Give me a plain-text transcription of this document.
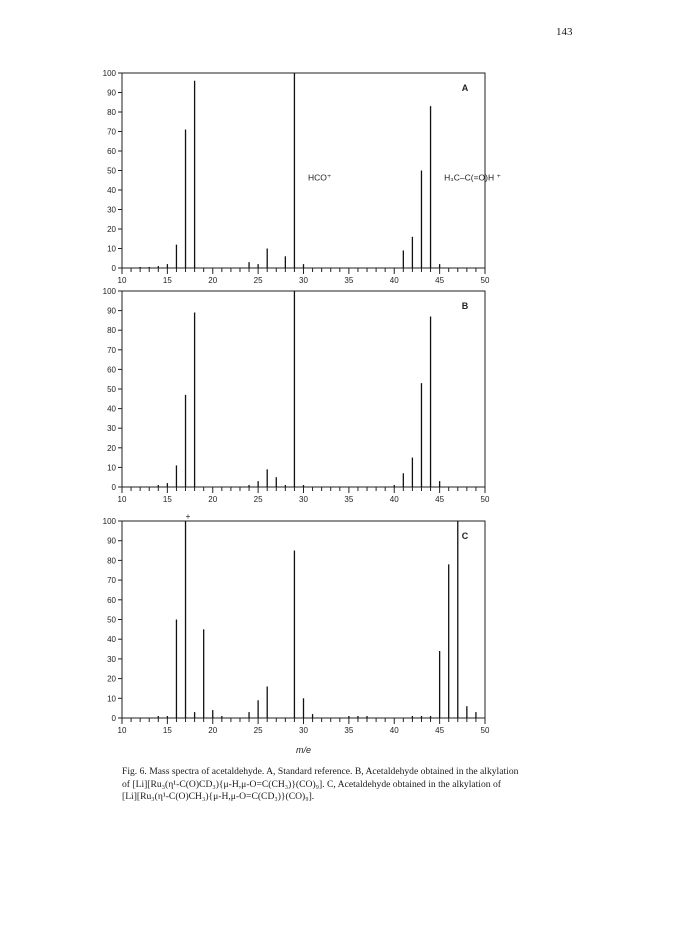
143
0
10
20
30
40
50
60
70
80
90
100
10	15	20	25	30	35	40	45	50
A
HCO⁺	H₃C–C(=O)H ⁺
0
10
20
30
40
50
60
70
80
90
100
10	15	20	25	30	35	40	45	50
B
0
10
20
30
40
50
60
70
80
90
100
10	15	20	25	30	35	40	45	50
C
+
m/e
Fig. 6. Mass spectra of acetaldehyde. A, Standard reference. B, Acetaldehyde obtained in the alkylation
of [Li][Ru₃(η¹-C(O)CD₃){μ-H,μ-O=C(CH₃)}(CO)₉]. C, Acetaldehyde obtained in the alkylation of
[Li][Ru₃(η¹-C(O)CH₃){μ-H,μ-O=C(CD₃)}(CO)₉].
